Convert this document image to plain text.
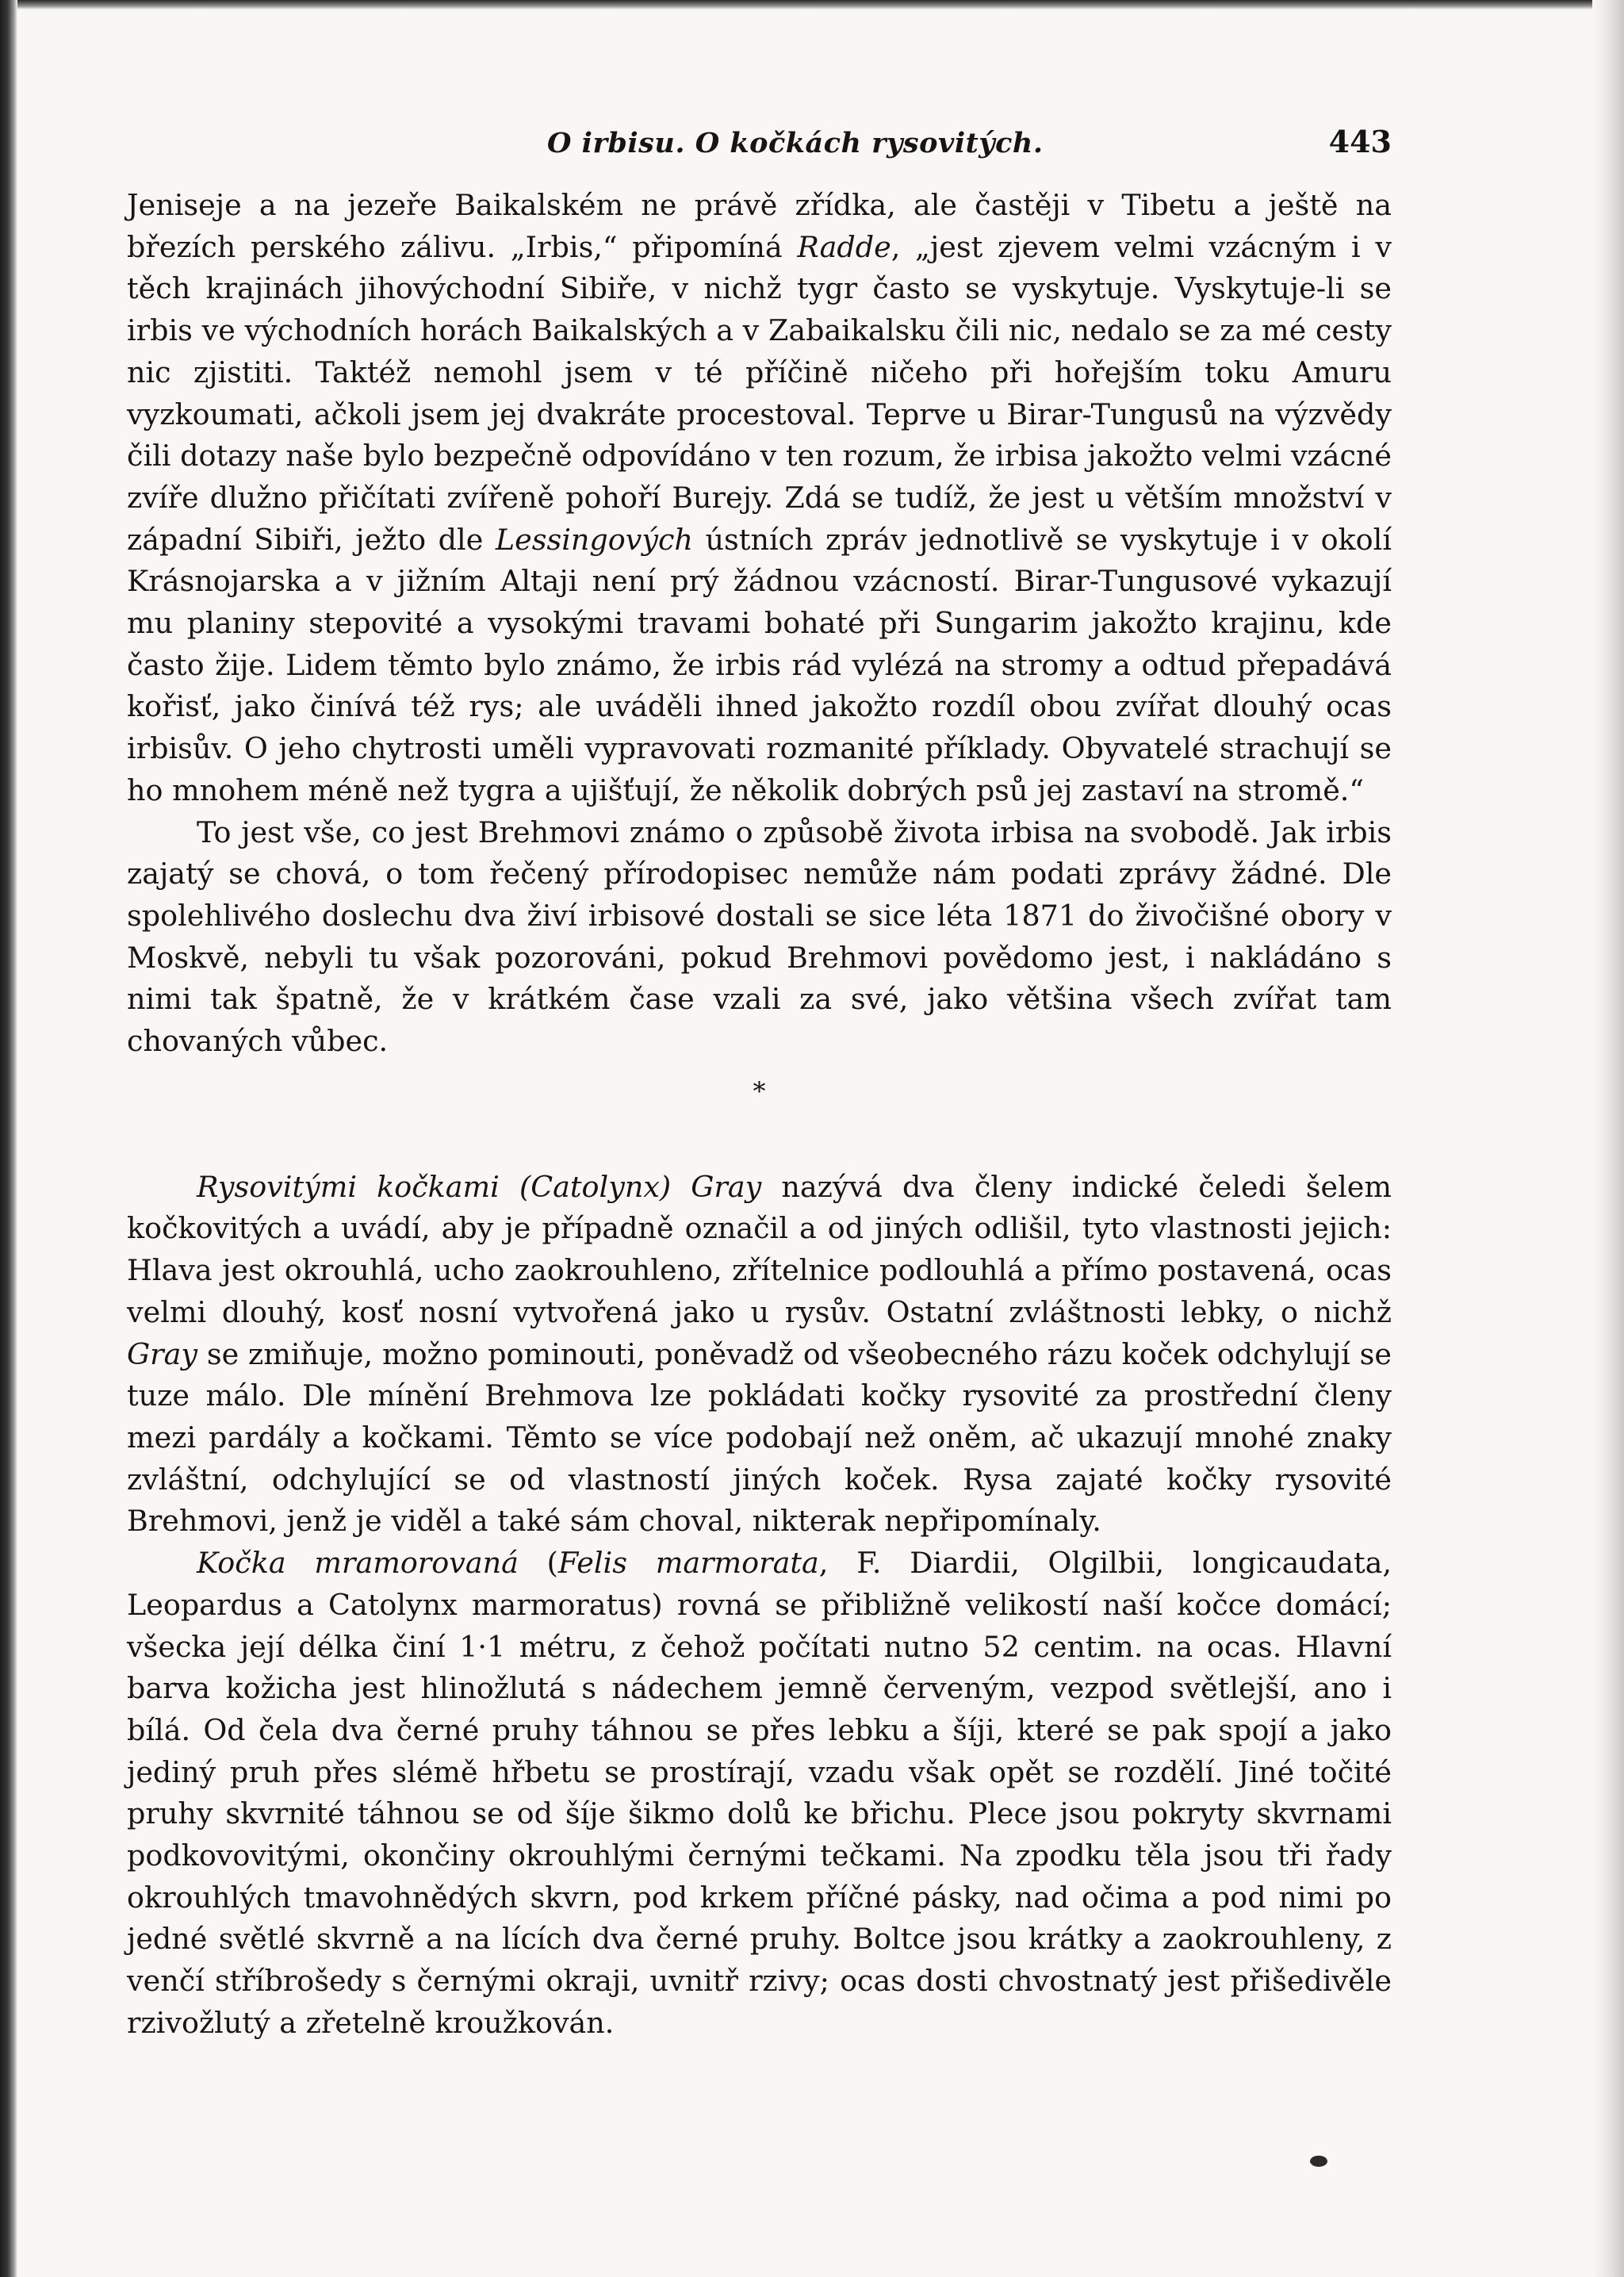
O irbisu. O kočkách rysovitých.	443

Jeniseje a na jezeře Baikalském ne právě zřídka, ale častěji v Tibetu a ještě na březích perského zálivu. „Irbis,“ připomíná Radde, „jest zjevem velmi vzácným i v těch krajinách jihovýchodní Sibiře, v nichž tygr často se vyskytuje. Vyskytuje-li se irbis ve východních horách Baikalských a v Zabaikalsku čili nic, nedalo se za mé cesty nic zjistiti. Taktéž nemohl jsem v té příčině ničeho při hořejším toku Amuru vyzkoumati, ačkoli jsem jej dvakráte procestoval. Teprve u Birar-Tungusů na výzvědy čili dotazy naše bylo bezpečně odpovídáno v ten rozum, že irbisa jakožto velmi vzácné zvíře dlužno přičítati zvířeně pohoří Burejy. Zdá se tudíž, že jest u větším množství v západní Sibiři, ježto dle Lessingových ústních zpráv jednotlivě se vyskytuje i v okolí Krásnojarska a v jižním Altaji není prý žádnou vzácností. Birar-Tungusové vykazují mu planiny stepovité a vysokými travami bohaté při Sungarim jakožto krajinu, kde často žije. Lidem těmto bylo známo, že irbis rád vylézá na stromy a odtud přepadává kořisť, jako činívá též rys; ale uváděli ihned jakožto rozdíl obou zvířat dlouhý ocas irbisův. O jeho chytrosti uměli vypravovati rozmanité příklady. Obyvatelé strachují se ho mnohem méně než tygra a ujišťují, že několik dobrých psů jej zastaví na stromě.“

To jest vše, co jest Brehmovi známo o způsobě života irbisa na svobodě. Jak irbis zajatý se chová, o tom řečený přírodopisec nemůže nám podati zprávy žádné. Dle spolehlivého doslechu dva živí irbisové dostali se sice léta 1871 do živočišné obory v Moskvě, nebyli tu však pozorováni, pokud Brehmovi povědomo jest, i nakládáno s nimi tak špatně, že v krátkém čase vzali za své, jako většina všech zvířat tam chovaných vůbec.

*

Rysovitými kočkami (Catolynx) Gray nazývá dva členy indické čeledi šelem kočkovitých a uvádí, aby je případně označil a od jiných odlišil, tyto vlastnosti jejich: Hlava jest okrouhlá, ucho zaokrouhleno, zřítelnice podlouhlá a přímo postavená, ocas velmi dlouhý, kosť nosní vytvořená jako u rysův. Ostatní zvláštnosti lebky, o nichž Gray se zmiňuje, možno pominouti, poněvadž od všeobecného rázu koček odchylují se tuze málo. Dle mínění Brehmova lze pokládati kočky rysovité za prostřední členy mezi pardály a kočkami. Těmto se více podobají než oněm, ač ukazují mnohé znaky zvláštní, odchylující se od vlastností jiných koček. Rysa zajaté kočky rysovité Brehmovi, jenž je viděl a také sám choval, nikterak nepřipomínaly.

Kočka mramorovaná (Felis marmorata, F. Diardii, Olgilbii, longicaudata, Leopardus a Catolynx marmoratus) rovná se přibližně velikostí naší kočce domácí; všecka její délka činí 1·1 métru, z čehož počítati nutno 52 centim. na ocas. Hlavní barva kožicha jest hlinožlutá s nádechem jemně červeným, vezpod světlejší, ano i bílá. Od čela dva černé pruhy táhnou se přes lebku a šíji, které se pak spojí a jako jediný pruh přes slémě hřbetu se prostírají, vzadu však opět se rozdělí. Jiné točité pruhy skvrnité táhnou se od šíje šikmo dolů ke břichu. Plece jsou pokryty skvrnami podkovovitými, okončiny okrouhlými černými tečkami. Na zpodku těla jsou tři řady okrouhlých tmavohnědých skvrn, pod krkem příčné pásky, nad očima a pod nimi po jedné světlé skvrně a na lících dva černé pruhy. Boltce jsou krátky a zaokrouhleny, z venčí stříbrošedy s černými okraji, uvnitř rzivy; ocas dosti chvostnatý jest přišedivěle rzivožlutý a zřetelně kroužkován.
